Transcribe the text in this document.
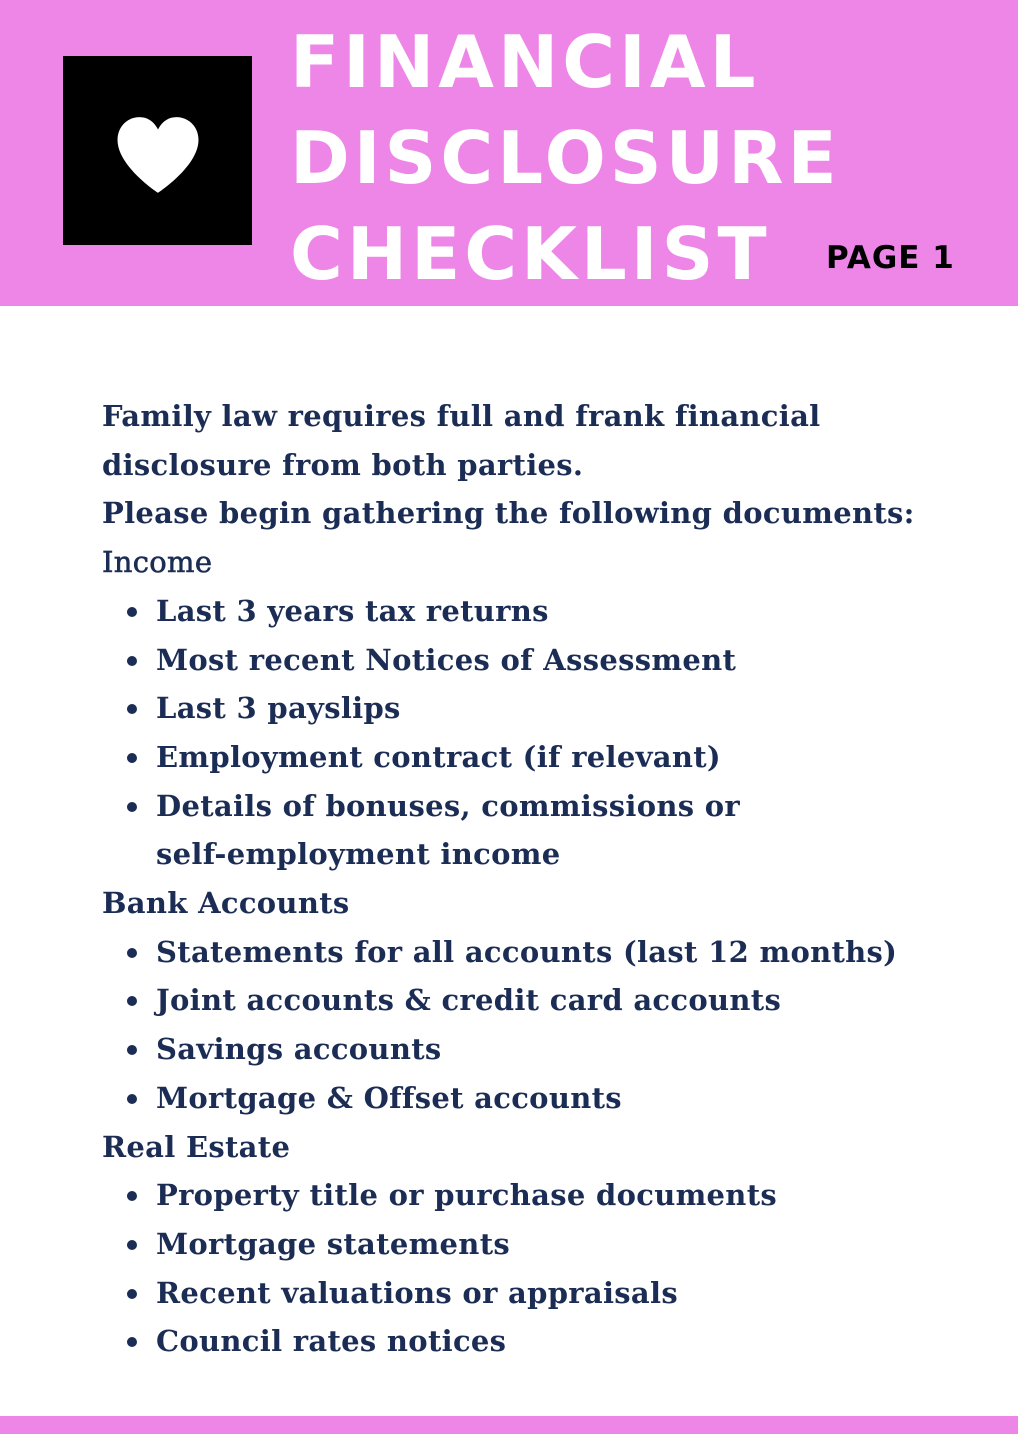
FINANCIAL
DISCLOSURE
CHECKLIST PAGE 1

Family law requires full and frank financial

disclosure from both parties.

Please begin gathering the following documents:

Income

Last 3 years tax returns
Most recent Notices of Assessment
Last 3 payslips
Employment contract (if relevant)
Details of bonuses, commissions or self-employment income

Bank Accounts

Statements for all accounts (last 12 months)
Joint accounts & credit card accounts
Savings accounts
Mortgage & Offset accounts

Real Estate

Property title or purchase documents
Mortgage statements
Recent valuations or appraisals
Council rates notices
